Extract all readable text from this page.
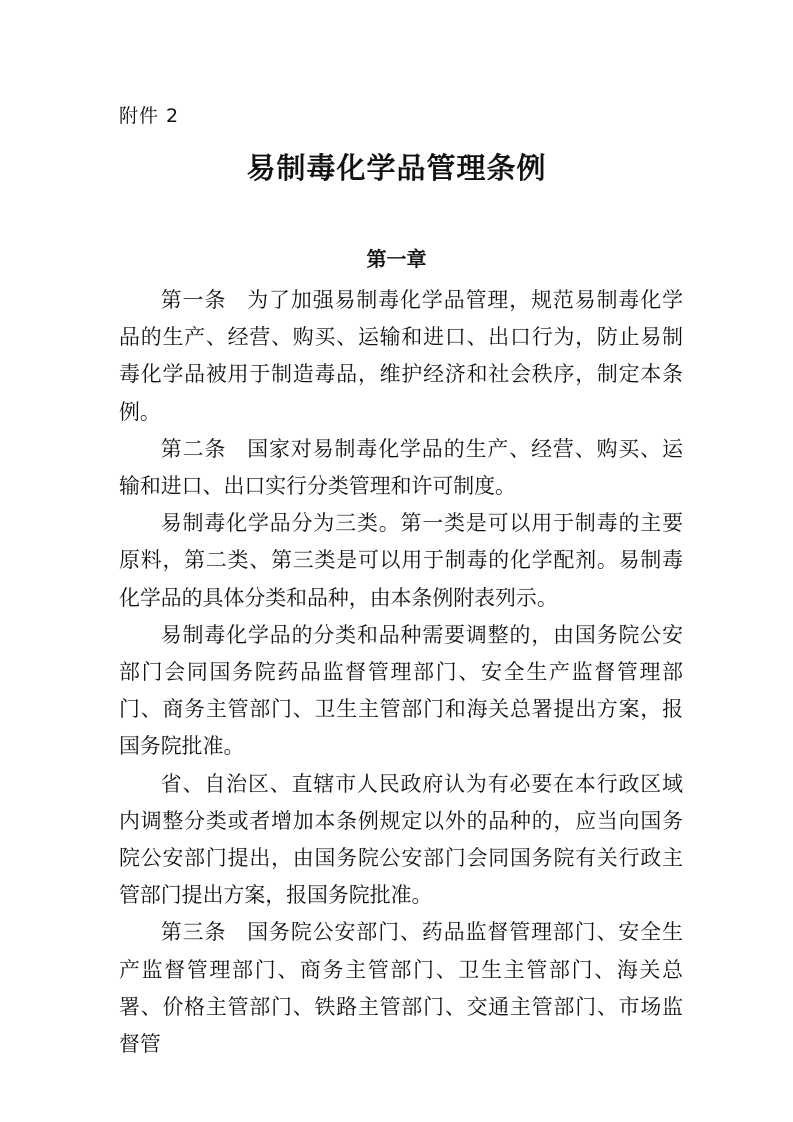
附件 2
易制毒化学品管理条例
第一章

第一条 为了加强易制毒化学品管理，规范易制毒化学品的生产、经营、购买、运输和进口、出口行为，防止易制毒化学品被用于制造毒品，维护经济和社会秩序，制定本条例。

第二条 国家对易制毒化学品的生产、经营、购买、运输和进口、出口实行分类管理和许可制度。

易制毒化学品分为三类。第一类是可以用于制毒的主要原料，第二类、第三类是可以用于制毒的化学配剂。易制毒化学品的具体分类和品种，由本条例附表列示。

易制毒化学品的分类和品种需要调整的，由国务院公安部门会同国务院药品监督管理部门、安全生产监督管理部门、商务主管部门、卫生主管部门和海关总署提出方案，报国务院批准。

省、自治区、直辖市人民政府认为有必要在本行政区域内调整分类或者增加本条例规定以外的品种的，应当向国务院公安部门提出，由国务院公安部门会同国务院有关行政主管部门提出方案，报国务院批准。

第三条 国务院公安部门、药品监督管理部门、安全生产监督管理部门、商务主管部门、卫生主管部门、海关总署、价格主管部门、铁路主管部门、交通主管部门、市场监督管
